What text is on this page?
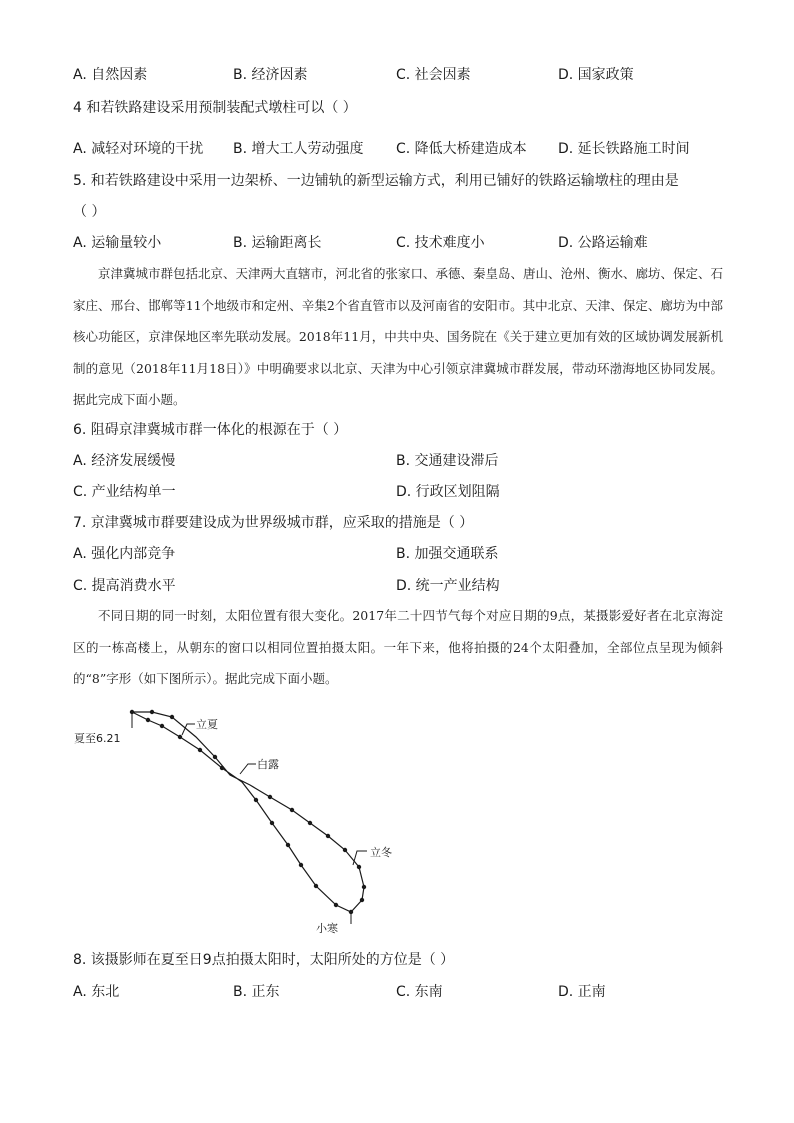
A. 自然因素	B. 经济因素	C. 社会因素	D. 国家政策
4 和若铁路建设采用预制装配式墩柱可以（ ）
A. 减轻对环境的干扰 B. 增大工人劳动强度 C. 降低大桥建造成本 D. 延长铁路施工时间
5. 和若铁路建设中采用一边架桥、一边铺轨的新型运输方式，利用已铺好的铁路运输墩柱的理由是
（ ）
A. 运输量较小	B. 运输距离长	C. 技术难度小	D. 公路运输难
京津冀城市群包括北京、天津两大直辖市，河北省的张家口、承德、秦皇岛、唐山、沧州、衡水、廊坊、保定、石家庄、邢台、邯郸等11个地级市和定州、辛集2个省直管市以及河南省的安阳市。其中北京、天津、保定、廊坊为中部核心功能区，京津保地区率先联动发展。2018年11月，中共中央、国务院在《关于建立更加有效的区域协调发展新机制的意见（2018年11月18日）》中明确要求以北京、天津为中心引领京津冀城市群发展，带动环渤海地区协同发展。据此完成下面小题。
6. 阻碍京津冀城市群一体化的根源在于（ ）
A. 经济发展缓慢	B. 交通建设滞后
C. 产业结构单一	D. 行政区划阻隔
7. 京津冀城市群要建设成为世界级城市群，应采取的措施是（ ）
A. 强化内部竞争	B. 加强交通联系
C. 提高消费水平	D. 统一产业结构
不同日期的同一时刻，太阳位置有很大变化。2017年二十四节气每个对应日期的9点，某摄影爱好者在北京海淀区的一栋高楼上，从朝东的窗口以相同位置拍摄太阳。一年下来，他将拍摄的24个太阳叠加，全部位点呈现为倾斜的“8”字形（如下图所示）。据此完成下面小题。
夏至6.21
立夏
白露
立冬
小寒
8. 该摄影师在夏至日9点拍摄太阳时，太阳所处的方位是（ ）
A. 东北	B. 正东	C. 东南	D. 正南
